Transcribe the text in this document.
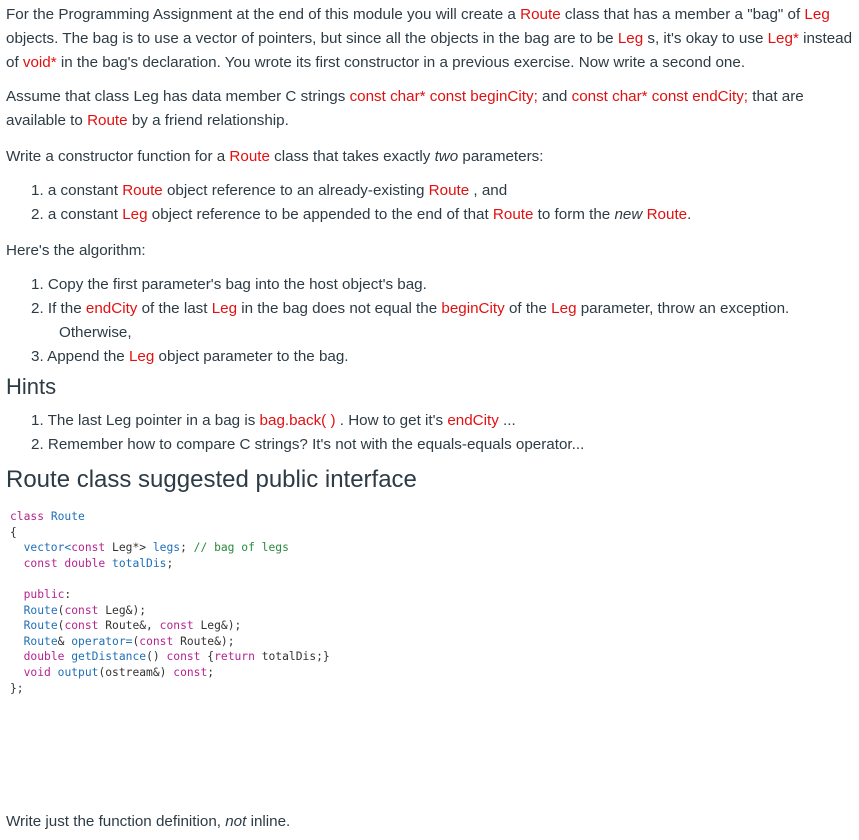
For the Programming Assignment at the end of this module you will create a Route class that has a member a "bag" of Leg objects. The bag is to use a vector of pointers, but since all the objects in the bag are to be Leg s, it's okay to use Leg* instead of void* in the bag's declaration. You wrote its first constructor in a previous exercise. Now write a second one.

Assume that class Leg has data member C strings const char* const beginCity; and const char* const endCity; that are available to Route by a friend relationship.

Write a constructor function for a Route class that takes exactly two parameters:

1. a constant Route object reference to an already-existing Route , and
2. a constant Leg object reference to be appended to the end of that Route to form the new Route.

Here's the algorithm:

1. Copy the first parameter's bag into the host object's bag.
2. If the endCity of the last Leg in the bag does not equal the beginCity of the Leg parameter, throw an exception.
Otherwise,
3. Append the Leg object parameter to the bag.
Hints
1. The last Leg pointer in a bag is bag.back( ) . How to get it's endCity ...
2. Remember how to compare C strings? It's not with the equals-equals operator...
Route class suggested public interface
class Route
{
vector<const Leg*> legs; // bag of legs
const double totalDis;
public:
Route(const Leg&);
Route(const Route&, const Leg&);
Route& operator=(const Route&);
double getDistance() const {return totalDis;}
void output(ostream&) const;
};

Write just the function definition, not inline.
